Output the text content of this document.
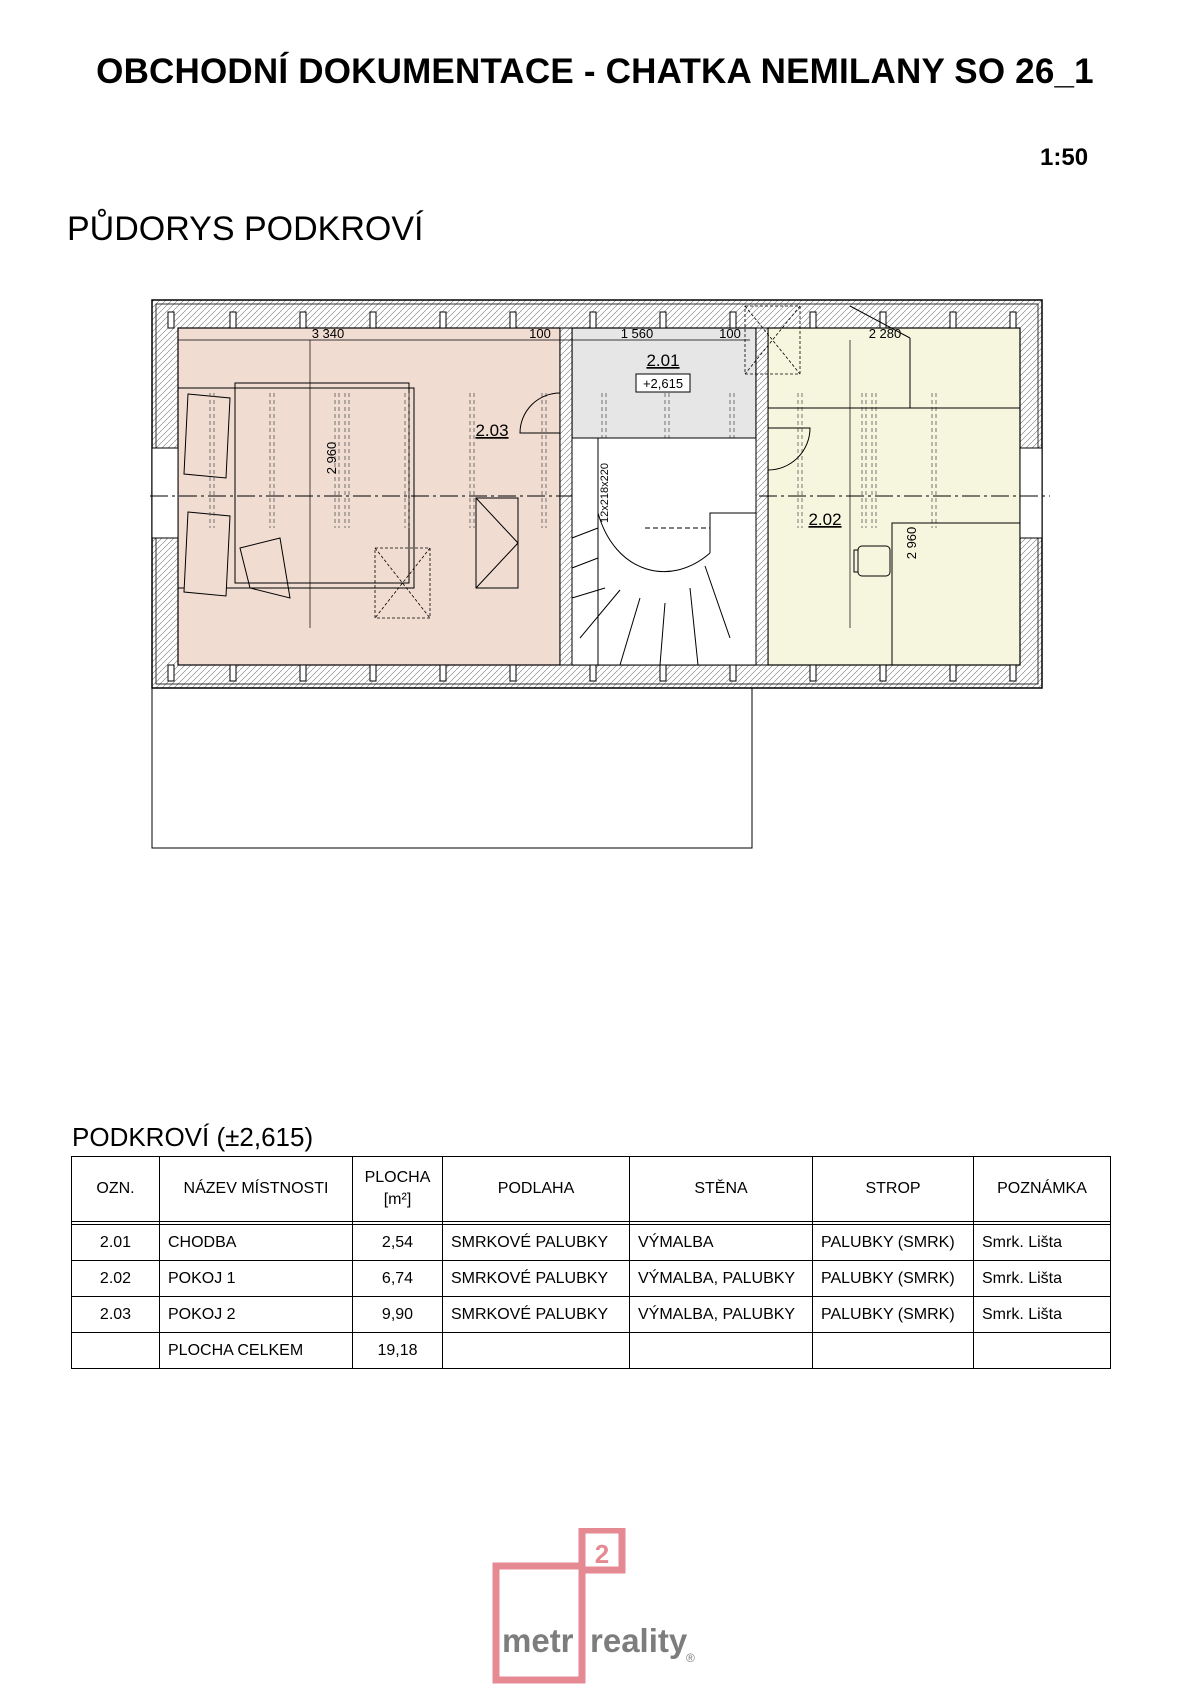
OBCHODNÍ DOKUMENTACE - CHATKA NEMILANY SO 26_1
1:50
PŮDORYS PODKROVÍ
3 340	100	1 560	100	2 280
2 960
2 960
12x218x220
2.01
+2,615
2.03
2.02
PODKROVÍ (±2,615)
OZN.	NÁZEV MÍSTNOSTI	PLOCHA
[m²]	PODLAHA	STĚNA	STROP	POZNÁMKA

2.01	CHODBA	2,54	SMRKOVÉ PALUBKY	VÝMALBA	PALUBKY (SMRK)	Smrk. Lišta
2.02	POKOJ 1	6,74	SMRKOVÉ PALUBKY	VÝMALBA, PALUBKY	PALUBKY (SMRK)	Smrk. Lišta
2.03	POKOJ 2	9,90	SMRKOVÉ PALUBKY	VÝMALBA, PALUBKY	PALUBKY (SMRK)	Smrk. Lišta
	PLOCHA CELKEM	19,18				
2
metr reality
®
